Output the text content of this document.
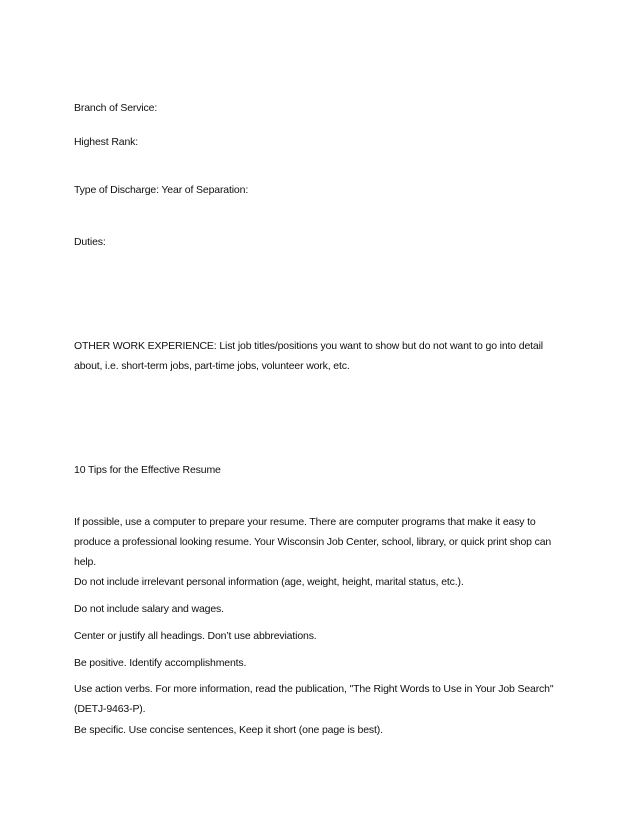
Branch of Service:

Highest Rank:

Type of Discharge: Year of Separation:

Duties:

OTHER WORK EXPERIENCE: List job titles/positions you want to show but do not want to go into detail about, i.e. short-term jobs, part-time jobs, volunteer work, etc.

10 Tips for the Effective Resume

If possible, use a computer to prepare your resume. There are computer programs that make it easy to produce a professional looking resume. Your Wisconsin Job Center, school, library, or quick print shop can help.

Do not include irrelevant personal information (age, weight, height, marital status, etc.).

Do not include salary and wages.

Center or justify all headings. Don’t use abbreviations.

Be positive. Identify accomplishments.

Use action verbs. For more information, read the publication, "The Right Words to Use in Your Job Search" (DETJ-9463-P).

Be specific. Use concise sentences, Keep it short (one page is best).
